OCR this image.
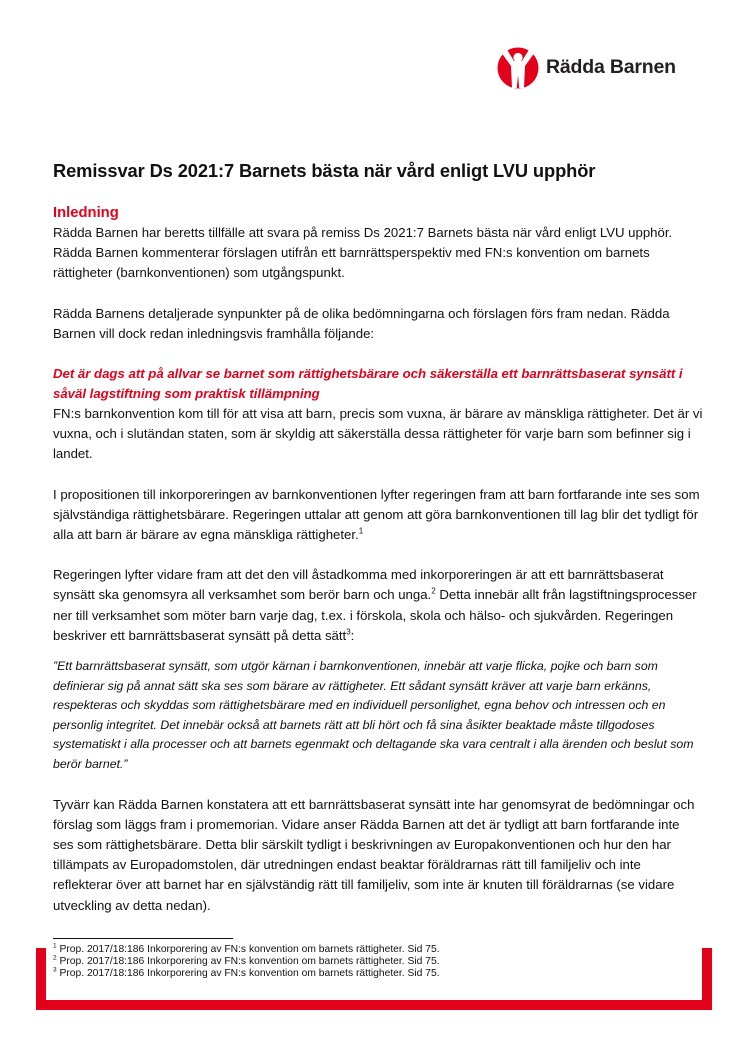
Rädda Barnen
Remissvar Ds 2021:7 Barnets bästa när vård enligt LVU upphör
Inledning

Rädda Barnen har beretts tillfälle att svara på remiss Ds 2021:7 Barnets bästa när vård enligt LVU upphör. Rädda Barnen kommenterar förslagen utifrån ett barnrättsperspektiv med FN:s konvention om barnets rättigheter (barnkonventionen) som utgångspunkt.

Rädda Barnens detaljerade synpunkter på de olika bedömningarna och förslagen förs fram nedan. Rädda Barnen vill dock redan inledningsvis framhålla följande:

Det är dags att på allvar se barnet som rättighetsbärare och säkerställa ett barnrättsbaserat synsätt i såväl lagstiftning som praktisk tillämpning

FN:s barnkonvention kom till för att visa att barn, precis som vuxna, är bärare av mänskliga rättigheter. Det är vi vuxna, och i slutändan staten, som är skyldig att säkerställa dessa rättigheter för varje barn som befinner sig i landet.

I propositionen till inkorporeringen av barnkonventionen lyfter regeringen fram att barn fortfarande inte ses som självständiga rättighetsbärare. Regeringen uttalar att genom att göra barnkonventionen till lag blir det tydligt för alla att barn är bärare av egna mänskliga rättigheter.$^1$

Regeringen lyfter vidare fram att det den vill åstadkomma med inkorporeringen är att ett barnrättsbaserat synsätt ska genomsyra all verksamhet som berör barn och unga.$^2$ Detta innebär allt från lagstiftningsprocesser ner till verksamhet som möter barn varje dag, t.ex. i förskola, skola och hälso- och sjukvården. Regeringen beskriver ett barnrättsbaserat synsätt på detta sätt$^3$:

”Ett barnrättsbaserat synsätt, som utgör kärnan i barnkonventionen, innebär att varje flicka, pojke och barn som definierar sig på annat sätt ska ses som bärare av rättigheter. Ett sådant synsätt kräver att varje barn erkänns, respekteras och skyddas som rättighetsbärare med en individuell personlighet, egna behov och intressen och en personlig integritet. Det innebär också att barnets rätt att bli hört och få sina åsikter beaktade måste tillgodoses systematiskt i alla processer och att barnets egenmakt och deltagande ska vara centralt i alla ärenden och beslut som berör barnet.”

Tyvärr kan Rädda Barnen konstatera att ett barnrättsbaserat synsätt inte har genomsyrat de bedömningar och förslag som läggs fram i promemorian. Vidare anser Rädda Barnen att det är tydligt att barn fortfarande inte ses som rättighetsbärare. Detta blir särskilt tydligt i beskrivningen av Europakonventionen och hur den har tillämpats av Europadomstolen, där utredningen endast beaktar föräldrarnas rätt till familjeliv och inte reflekterar över att barnet har en självständig rätt till familjeliv, som inte är knuten till föräldrarnas (se vidare utveckling av detta nedan).

$^1$ Prop. 2017/18:186 Inkorporering av FN:s konvention om barnets rättigheter. Sid 75.

$^2$ Prop. 2017/18:186 Inkorporering av FN:s konvention om barnets rättigheter. Sid 75.

$^3$ Prop. 2017/18:186 Inkorporering av FN:s konvention om barnets rättigheter. Sid 75.
